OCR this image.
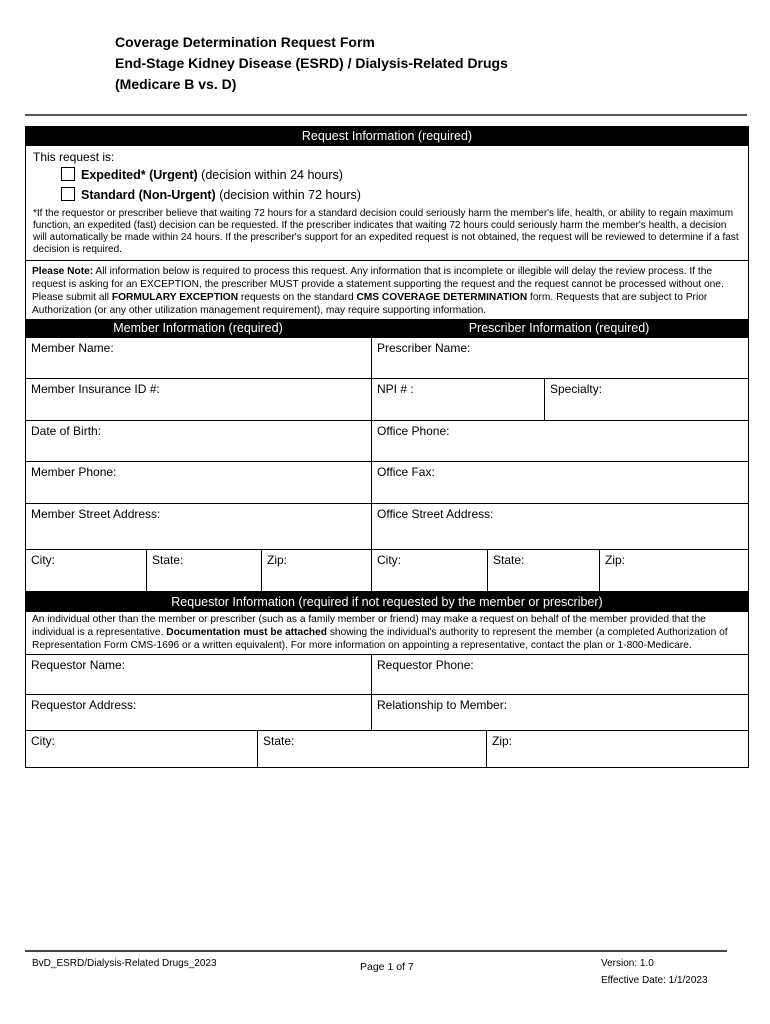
Coverage Determination Request Form
End-Stage Kidney Disease (ESRD) / Dialysis-Related Drugs
(Medicare B vs. D)
Request Information (required)
This request is:
Expedited* (Urgent) (decision within 24 hours)
Standard (Non-Urgent) (decision within 72 hours)
*If the requestor or prescriber believe that waiting 72 hours for a standard decision could seriously harm the member's life, health, or ability to regain maximum function, an expedited (fast) decision can be requested. If the prescriber indicates that waiting 72 hours could seriously harm the member's health, a decision will automatically be made within 24 hours. If the prescriber's support for an expedited request is not obtained, the request will be reviewed to determine if a fast decision is required.
Please Note: All information below is required to process this request. Any information that is incomplete or illegible will delay the review process. If the request is asking for an EXCEPTION, the prescriber MUST provide a statement supporting the request and the request cannot be processed without one. Please submit all FORMULARY EXCEPTION requests on the standard CMS COVERAGE DETERMINATION form. Requests that are subject to Prior Authorization (or any other utilization management requirement), may require supporting information.
Member Information (required)	Prescriber Information (required)
Member Name:	Prescriber Name:
Member Insurance ID #:	NPI # :	Specialty:
Date of Birth:	Office Phone:
Member Phone:	Office Fax:
Member Street Address:	Office Street Address:
City:	State:	Zip:	City:	State:	Zip:
Requestor Information (required if not requested by the member or prescriber)
An individual other than the member or prescriber (such as a family member or friend) may make a request on behalf of the member provided that the individual is a representative. Documentation must be attached showing the individual's authority to represent the member (a completed Authorization of Representation Form CMS-1696 or a written equivalent). For more information on appointing a representative, contact the plan or 1-800-Medicare.
Requestor Name:	Requestor Phone:
Requestor Address:	Relationship to Member:
City:	State:	Zip:
BvD_ESRD/Dialysis-Related Drugs_2023	Page 1 of 7	Version: 1.0
Effective Date: 1/1/2023
